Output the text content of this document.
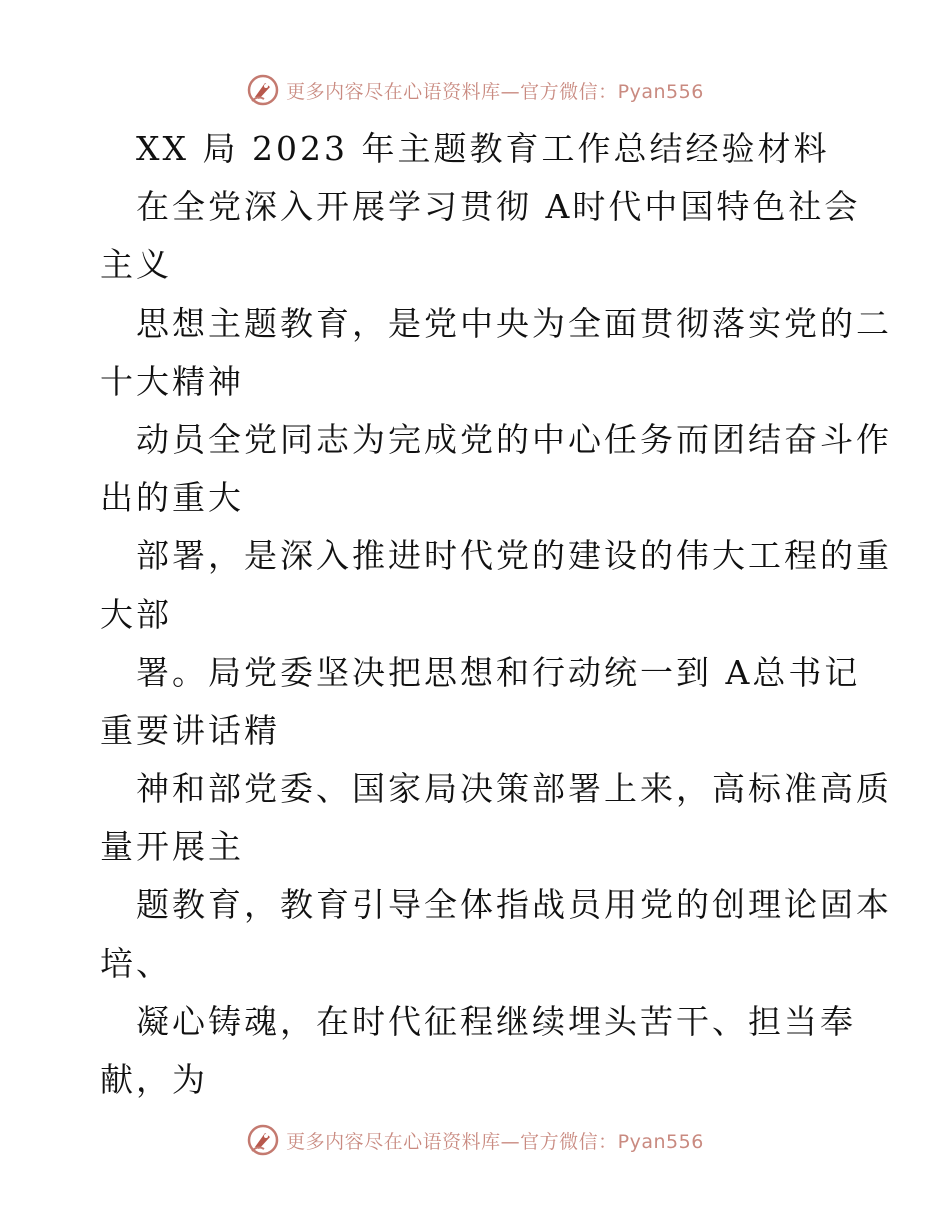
更多内容尽在心语资料库—官方微信：Pyan556
XX 局 2023 年主题教育工作总结经验材料
在全党深入开展学习贯彻 A时代中国特色社会
主义
思想主题教育，是党中央为全面贯彻落实党的二
十大精神
动员全党同志为完成党的中心任务而团结奋斗作
出的重大
部署，是深入推进时代党的建设的伟大工程的重
大部
署。局党委坚决把思想和行动统一到 A总书记
重要讲话精
神和部党委、国家局决策部署上来，高标准高质
量开展主
题教育，教育引导全体指战员用党的创理论固本
培、
凝心铸魂，在时代征程继续埋头苦干、担当奉
献，为
更多内容尽在心语资料库—官方微信：Pyan556
